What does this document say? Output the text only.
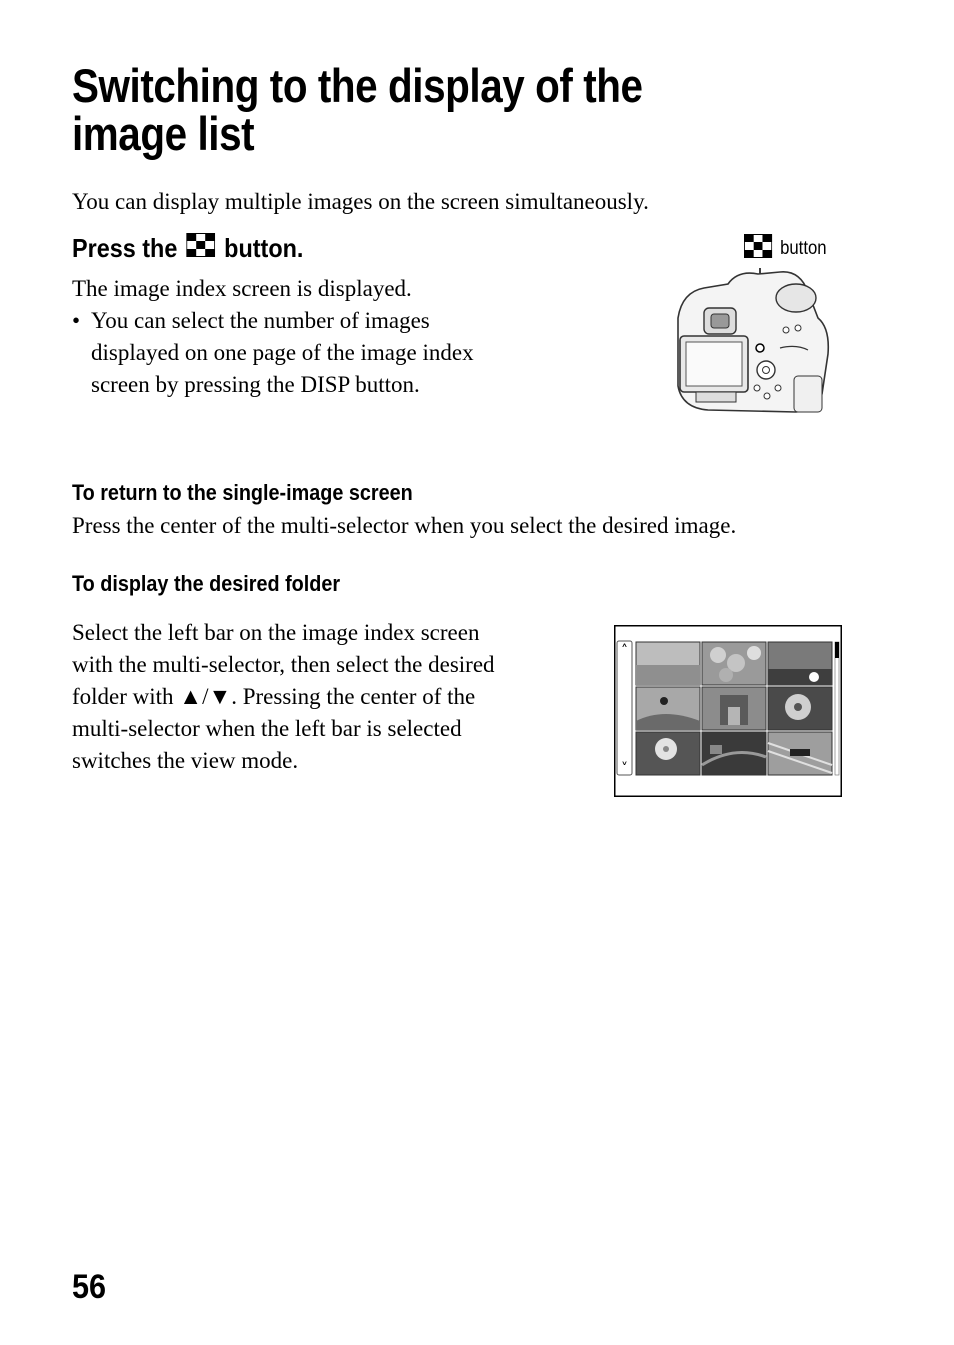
Switching to the display of the image list

You can display multiple images on the screen simultaneously.

Press the button.

The image index screen is displayed.

• You can select the number of images displayed on one page of the image index screen by pressing the DISP button.
button
To return to the single-image screen

Press the center of the multi-selector when you select the desired image.

To display the desired folder

Select the left bar on the image index screen with the multi-selector, then select the desired folder with ▲/▼. Pressing the center of the multi-selector when the left bar is selected switches the view mode.

˄
˅
56
